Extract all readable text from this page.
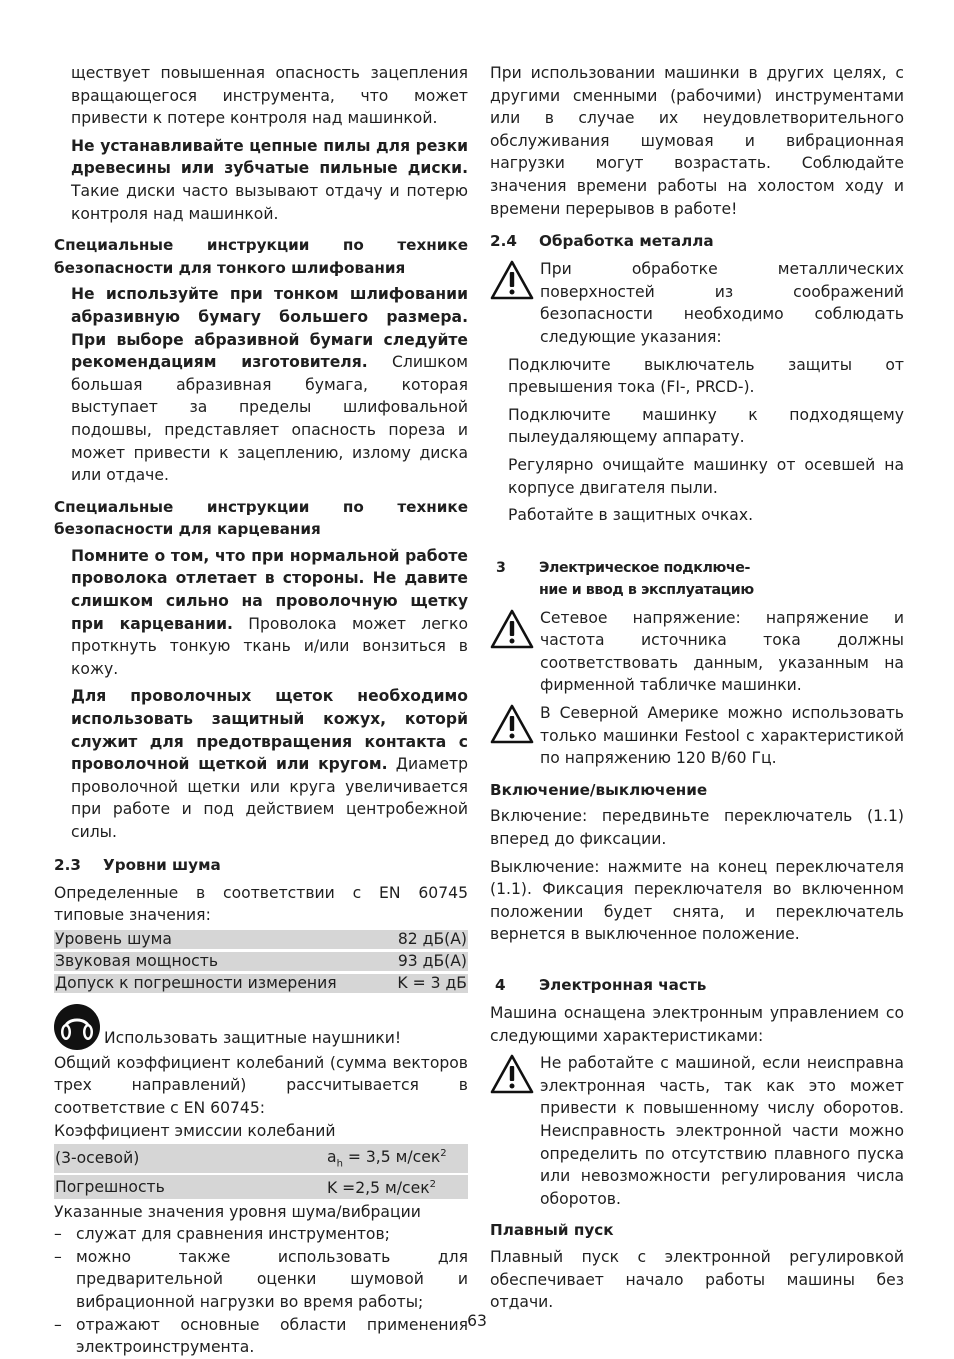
ществует повышенная опасность зацепления вращающегося инструмента, что может привести к потере контроля над машинкой.

Не устанавливайте цепные пилы для резки древесины или зубчатые пильные диски. Такие диски часто вызывают отдачу и потерю контроля над машинкой.

Специальные инструкции по технике безопасности для тонкого шлифования

Не используйте при тонком шлифовании абразивную бумагу большего размера. При выборе абразивной бумаги следуйте рекомендациям изготовителя. Слишком большая абразивная бумага, которая выступает за пределы шлифовальной подошвы, представляет опасность пореза и может привести к зацеплению, излому диска или отдаче.

Специальные инструкции по технике безопасности для карцевания

Помните о том, что при нормальной работе проволока отлетает в стороны. Не давите слишком сильно на проволочную щетку при карцевании. Проволока может легко проткнуть тонкую ткань и/или вонзиться в кожу.

Для проволочных щеток необходимо использовать защитный кожух, которй служит для предотвращения контакта с проволочной щеткой или кругом. Диаметр проволочной щетки или круга увеличивается при работе и под действием центробежной силы.

2.3	Уровни шума

Определенные в соответствии с EN 60745 типовые значения:

Уровень шума	82 дБ(A)
Звуковая мощность	93 дБ(A)
Допуск к погрешности измерения	K = 3 дБ
Использовать защитные наушники!

Общий коэффициент колебаний (сумма векторов трех направлений) рассчитывается в соответствие с EN 60745:

Коэффициент эмиссии колебаний

(3-осевой)	$a_h = 3,5$ м/сек$^2$
Погрешность	K =2,5 м/сек$^2$

Указанные значения уровня шума/вибрации

– служат для сравнения инструментов;
– можно также использовать для предварительной оценки шумовой и вибрационной нагрузки во время работы;
– отражают основные области применения электроинструмента.

При использовании машинки в других целях, с другими сменными (рабочими) инструментами или в случае их неудовлетворительного обслуживания шумовая и вибрационная нагрузки могут возрастать. Соблюдайте значения времени работы на холостом ходу и времени перерывов в работе!

2.4	Обработка металла

При обработке металлических поверхностей из соображений безопасности необходимо соблюдать следующие указания:

Подключите выключатель защиты от превышения тока (FI-, PRCD-).

Подключите машинку к подходящему пылеудаляющему аппарату.

Регулярно очищайте машинку от осевшей на корпусе двигателя пыли.

Работайте в защитных очках.

3	Электрическое подключе-
ние и ввод в эксплуатацию

Сетевое напряжение: напряжение и частота источника тока должны соответствовать данным, указанным на фирменной табличке машинки.

В Северной Америке можно использовать только машинки Festool с характеристикой по напряжению 120 В/60 Гц.

Включение/выключение

Включение: передвиньте переключатель (1.1) вперед до фиксации.

Выключение: нажмите на конец переключателя (1.1). Фиксация переключателя во включенном положении будет снята, и переключатель вернется в выключенное положение.

4	Электронная часть

Машина оснащена электронным управлением со следующими характеристиками:

Не работайте с машиной, если неисправна электронная часть, так как это может привести к повышенному числу оборотов. Неисправность электронной части можно определить по отсутствию плавного пуска или невозможности регулирования числа оборотов.

Плавный пуск

Плавный пуск с электронной регулировкой обеспечивает начало работы машины без отдачи.

63
